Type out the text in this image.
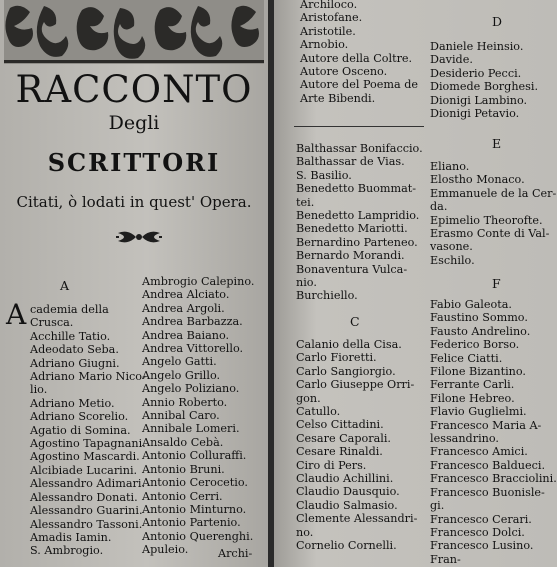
RACCONTO
Degli
SCRITTORI
Citati, ò lodati in quest' Opera.
A
A cademia della
Crusca.
Acchille Tatio.
Adeodato Seba.
Adriano Giugni.
Adriano Mario Nico-
lio.
Adriano Metio.
Adriano Scorelio.
Agatio di Somina.
Agostino Tapagnani.
Agostino Mascardi.
Alcibiade Lucarini.
Alessandro Adimari.
Alessandro Donati.
Alessandro Guarini.
Alessandro Tassoni.
Amadis Iamin.
S. Ambrogio.
Ambrogio Calepino.
Andrea Alciato.
Andrea Argoli.
Andrea Barbazza.
Andrea Baiano.
Andrea Vittorello.
Angelo Gatti.
Angelo Grillo.
Angelo Poliziano.
Annio Roberto.
Annibal Caro.
Annibale Lomeri.
Ansaldo Cebà.
Antonio Colluraffi.
Antonio Bruni.
Antonio Cerocetio.
Antonio Cerri.
Antonio Minturno.
Antonio Partenio.
Antonio Querenghi.
Apuleio.	Archi-
Archiloco.
Aristofane.
Aristotile.
Arnobio.
Autore della Coltre.
Autore Osceno.
Autore del Poema de
Arte Bibendi.
Balthassar Bonifaccio.
Balthassar de Vias.
S. Basilio.
Benedetto Buommat-
tei.
Benedetto Lampridio.
Benedetto Mariotti.
Bernardino Parteneo.
Bernardo Morandi.
Bonaventura Vulca-
nio.
Burchiello.
C
Calanio della Cisa.
Carlo Fioretti.
Carlo Sangiorgio.
Carlo Giuseppe Orri-
gon.
Catullo.
Celso Cittadini.
Cesare Caporali.
Cesare Rinaldi.
Ciro di Pers.
Claudio Achillini.
Claudio Dausquio.
Claudio Salmasio.
Clemente Alessandri-
no.
Cornelio Cornelli.
D
Daniele Heinsio.
Davide.
Desiderio Pecci.
Diomede Borghesi.
Dionigi Lambino.
Dionigi Petavio.
E
Eliano.
Elostho Monaco.
Emmanuele de la Cer-
da.
Epimelio Theorofte.
Erasmo Conte di Val-
vasone.
Eschilo.
F
Fabio Galeota.
Faustino Sommo.
Fausto Andrelino.
Federico Borso.
Felice Ciatti.
Filone Bizantino.
Ferrante Carli.
Filone Hebreo.
Flavio Guglielmi.
Francesco Maria A-
lessandrino.
Francesco Amici.
Francesco Baldueci.
Francesco Bracciolini.
Francesco Buonisle-
gi.
Francesco Cerari.
Francesco Dolci.
Francesco Lusino.
Fran-
